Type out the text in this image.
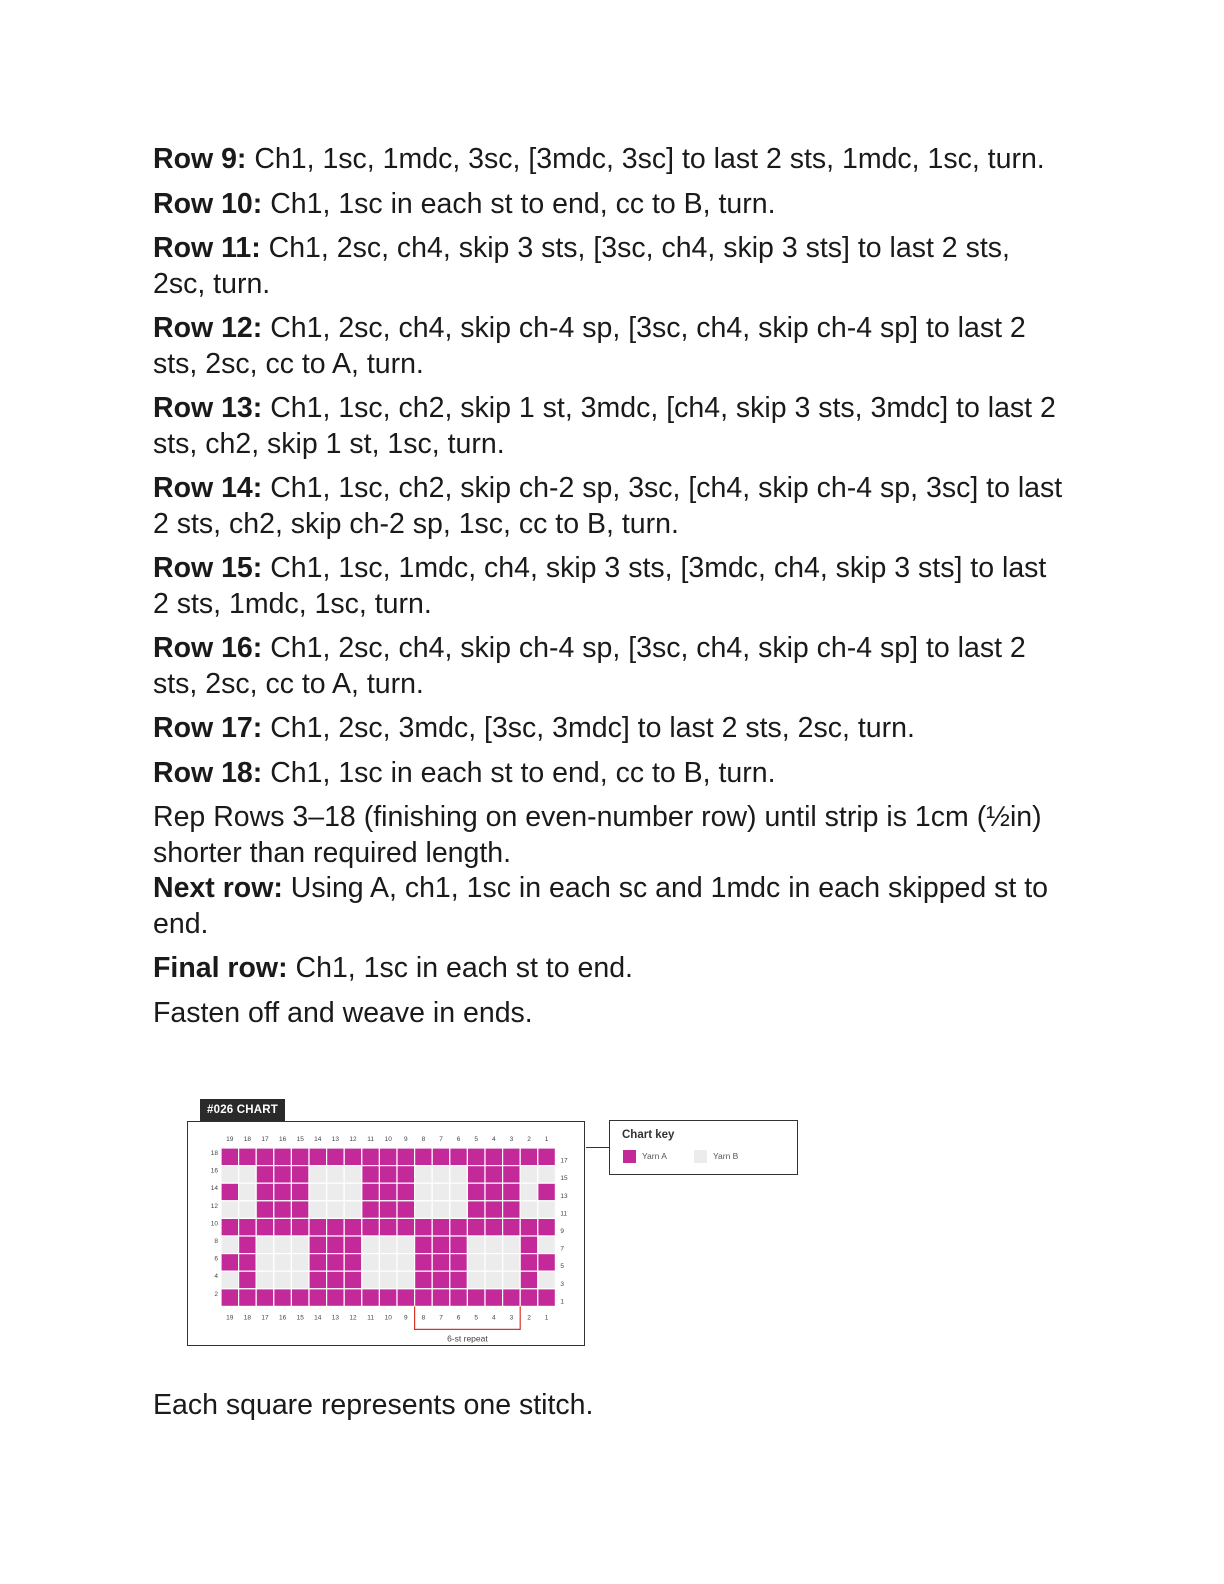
Row 9: Ch1, 1sc, 1mdc, 3sc, [3mdc, 3sc] to last 2 sts, 1mdc, 1sc, turn.

Row 10: Ch1, 1sc in each st to end, cc to B, turn.

Row 11: Ch1, 2sc, ch4, skip 3 sts, [3sc, ch4, skip 3 sts] to last 2 sts, 2sc, turn.

Row 12: Ch1, 2sc, ch4, skip ch-4 sp, [3sc, ch4, skip ch-4 sp] to last 2 sts, 2sc, cc to A, turn.

Row 13: Ch1, 1sc, ch2, skip 1 st, 3mdc, [ch4, skip 3 sts, 3mdc] to last 2 sts, ch2, skip 1 st, 1sc, turn.

Row 14: Ch1, 1sc, ch2, skip ch-2 sp, 3sc, [ch4, skip ch-4 sp, 3sc] to last 2 sts, ch2, skip ch-2 sp, 1sc, cc to B, turn.

Row 15: Ch1, 1sc, 1mdc, ch4, skip 3 sts, [3mdc, ch4, skip 3 sts] to last 2 sts, 1mdc, 1sc, turn.

Row 16: Ch1, 2sc, ch4, skip ch-4 sp, [3sc, ch4, skip ch-4 sp] to last 2 sts, 2sc, cc to A, turn.

Row 17: Ch1, 2sc, 3mdc, [3sc, 3mdc] to last 2 sts, 2sc, turn.

Row 18: Ch1, 1sc in each st to end, cc to B, turn.

Rep Rows 3–18 (finishing on even-number row) until strip is 1cm (½in) shorter than required length.

Next row: Using A, ch1, 1sc in each sc and 1mdc in each skipped st to end.

Final row: Ch1, 1sc in each st to end.

Fasten off and weave in ends.

#026 CHART
19
19
18
18
17
17
16
16
15
15
14
14
13
13
12
12
11
11
10
10
9
9
8
8
7
7
6
6
5
5
4
4
3
3
2
2
1
1
18
16
14
12
10
8
6
4
2
17
15
13
11
9
7
5
3
1
6-st repeat
Chart key
Yarn A	Yarn B
Each square represents one stitch.
